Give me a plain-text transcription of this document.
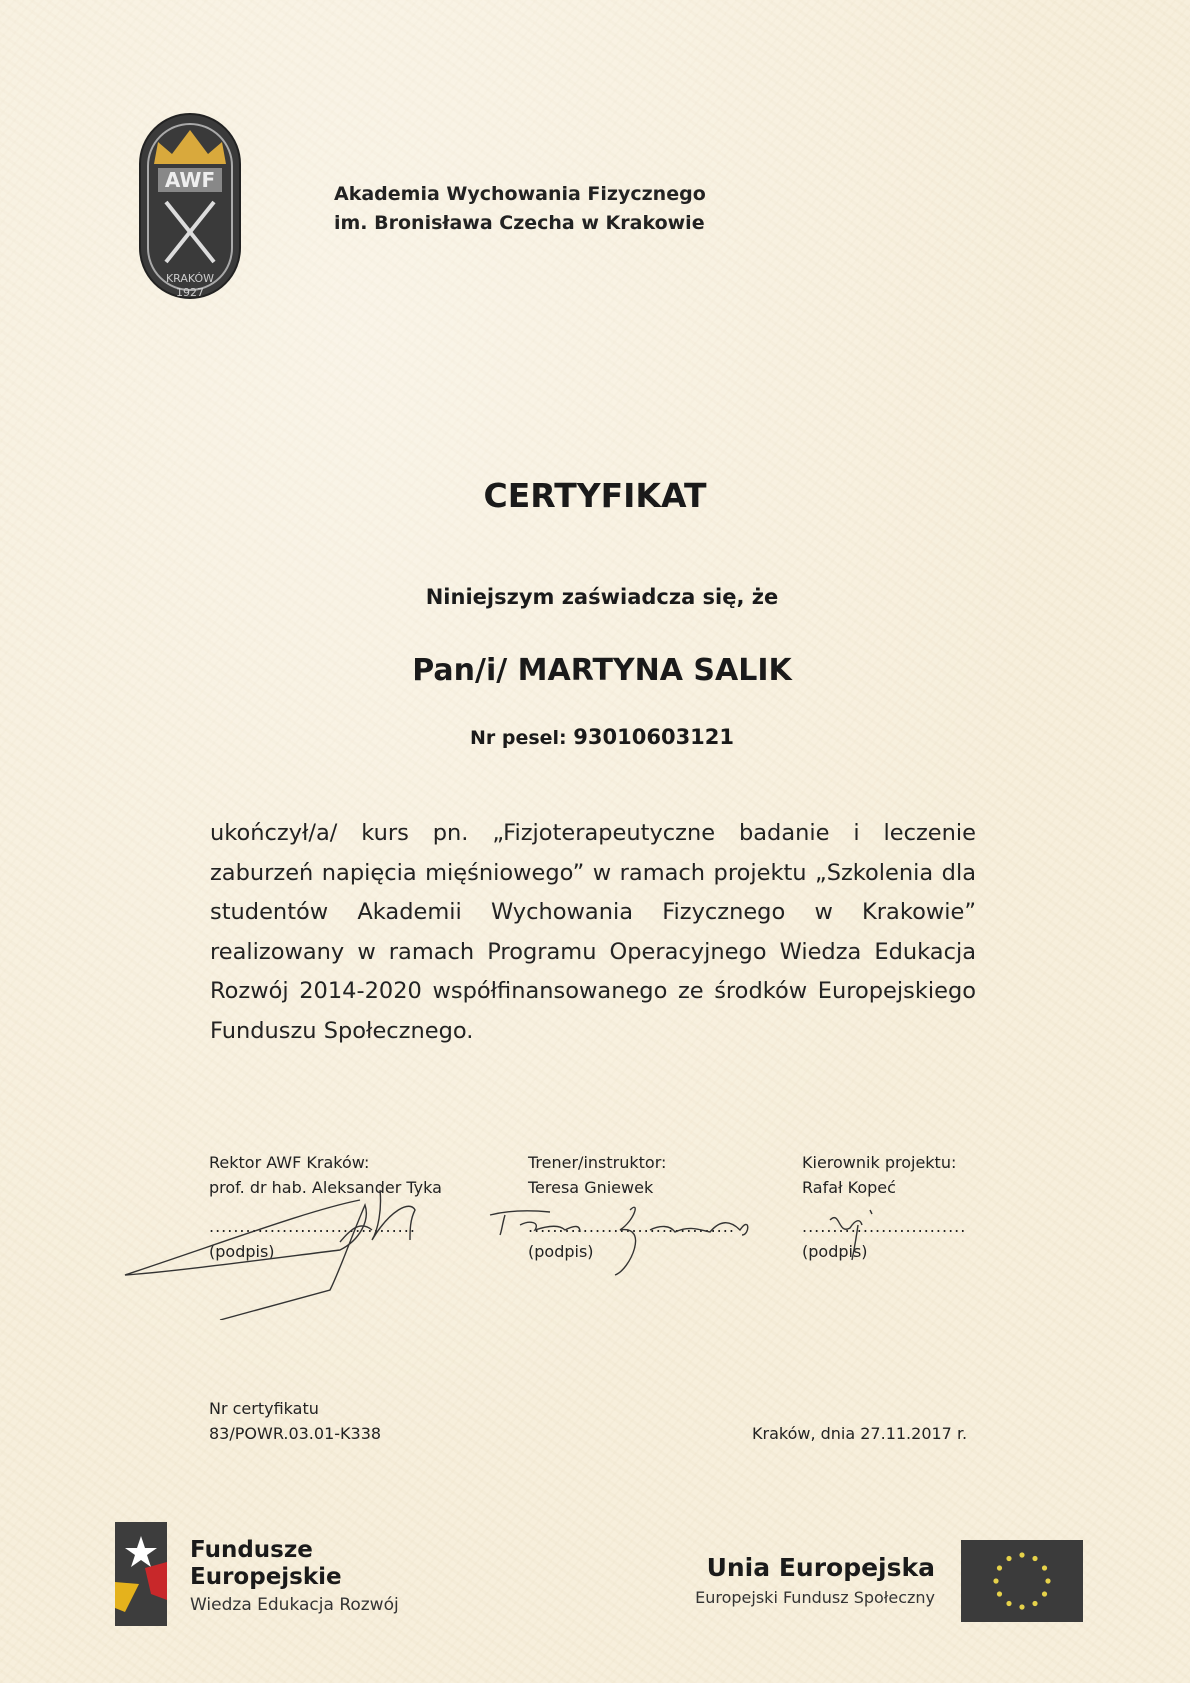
AWF
KRAKÓW
1927
Akademia Wychowania Fizycznego
im. Bronisława Czecha w Krakowie
CERTYFIKAT
Niniejszym zaświadcza się, że
Pan/i/ MARTYNA SALIK
Nr pesel: 93010603121
ukończył/a/ kurs pn. „Fizjoterapeutyczne badanie i leczenie zaburzeń napięcia mięśniowego” w ramach projektu „Szkolenia dla studentów Akademii Wychowania Fizycznego w Krakowie” realizowany w ramach Programu Operacyjnego Wiedza Edukacja Rozwój 2014-2020 współfinansowanego ze środków Europejskiego Funduszu Społecznego.
Rektor AWF Kraków:
prof. dr hab. Aleksander Tyka
..................................
(podpis)
Trener/instruktor:
Teresa Gniewek
..................................
(podpis)
Kierownik projektu:
Rafał Kopeć
...........................
(podpis)
Nr certyfikatu
83/POWR.03.01-K338	Kraków, dnia 27.11.2017 r.
Fundusze
Europejskie
Wiedza Edukacja Rozwój
Unia Europejska
Europejski Fundusz Społeczny
